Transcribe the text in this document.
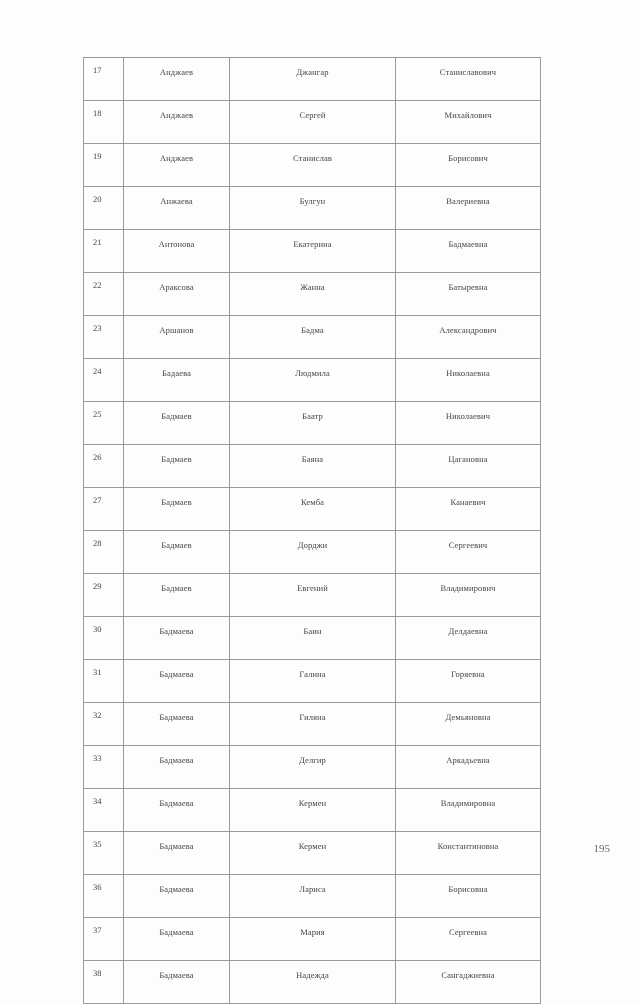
17	Анджаев	Джангар	Станиславович

18	Анджаев	Сергей	Михайлович

19	Анджаев	Станислав	Борисович

20	Анжаева	Булгун	Валериевна

21	Антонова	Екатерина	Бадмаевна

22	Араксова	Жанна	Батыревна

23	Аршанов	Бадма	Александрович

24	Бадаева	Людмила	Николаевна

25	Бадмаев	Баатр	Николаевич

26	Бадмаев	Баяна	Цагановна

27	Бадмаев	Кемба	Канаевич

28	Бадмаев	Дорджи	Сергеевич

29	Бадмаев	Евгений	Владимирович

30	Бадмаева	Баин	Делдаевна

31	Бадмаева	Галина	Горяевна

32	Бадмаева	Гиляна	Демьяновна

33	Бадмаева	Делгир	Аркадьевна

34	Бадмаева	Кермен	Владимировна

35	Бадмаева	Кермен	Константиновна

36	Бадмаева	Лариса	Борисовна

37	Бадмаева	Мария	Сергеевна

38	Бадмаева	Надежда	Сангаджиевна
195
